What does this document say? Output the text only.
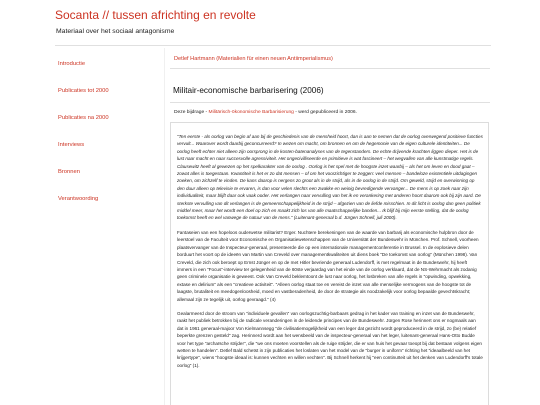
Socanta // tussen africhting en revolte
Materiaal over het sociaal antagonisme
Introductie
Publicaties tot 2000
Publicaties na 2000
Interviews
Bronnen
Verantwoording
Detlef Hartmann (Materialien für einen neuen Antiimperialismus)
Militair-economische barbarisering (2006)
Deze bijdrage - Militärisch-ökonomische Barbarisierung - werd gepubliceerd in 2006.

"Ten eerste - als oorlog van begin af aan bij de geschiedenis van de mensheid hoort, dan is aan te nemen dat de oorlog overwegend positieve functies vervult... Waarover wordt daarbij geconcurreerd? In wezen om macht, om bronnen en om de hegemonie van de eigen culturele identiteiten... De oorlog heeft echter niet alleen zijn oorsprong in de kosten-batenanalyses van de tegenstanders. De echte drijvende krachten liggen dieper. Het is de lust naar macht en naar succesvolle agressiviteit. Het ongecivilliseerde en primitieve is wat fascineert – het wegvallen van alle kunstmatige regels. Clausewitz heeft al gewezen op het spelkarakter van de oorlog . Oorlog is het spel met de hoogste inzet waarbij – als het om leven en dood gaat – zowat alles is toegestaan. Kwantiteit is het er zo dat mensen – of om het voorzichtiger te zeggen: veel mensen – bandeloze existentiële uitdagingen zoeken, om zichzelf te vinden. De kans daarop is nergens zo groot als in de strijd, als in de oorlog in de strijd. Om geweld, strijd en overwinning op den duur alleen op televisie te ervaren, is dan voor velen slechts een zwakke en weinig bevredigende vervanger... De mens is op zoek naar zijn individualiteit, maar blijft daar ook vaak ooder. Het verlangen naar vervulling van het ik en verankering met anderen hoort daarom ook bij zijn aard. De sterkste vervulling van dit verlangen is de gemeenschappelijkheid in de strijd – afgezien van de liefde misschien. In dit licht is oorlog dan geen politiek middel meer, maar het wordt een doel op zich en maakt zich los van alle maatschappelijke banden... Ik blijf bij mijn eerste stelling, dat de oorlog toekomst heeft en wel vanwege de natuur van de mens." (Luitenant-generaal b.d. Jürgen Schnell, juli 2000).

Fantaseien van een hopeloos ouderwetse militarist? Erger. Nuchtere berekeningen van de waarde van barbarij als economische hulpbron door de leerstoel van de Faculteit voor Economische en Organisatiewetenschappen van de Universität der Bundeswehr in München. Prof. Schnell, voorheen plaatsvervanger van de Inspecteur-generaal, presenteerde die op een internationale managementconferentie in Brussel. In de explosieve delen borduurt het voort op de ideeën van Martin van Creveld over managementkwaliteiten uit diens boek "De toekomst van oorlog" (München 1998). Van Creveld, die zich ook beroept op Ernst Jünger en op de met Hitler bevriende generaal Ludendorff, is met regelmaat in de Bundeswehr, hij heeft immers in een "Focus"-interview ter gelegenheid van de 60ste verjaardag van het einde van de oorlog verklaard, dat de NS-Wehrmacht als zodanig geen criminele organisatie is geweest. Ook Van Creveld beklemtoont de lust naar oorlog, het losbreken van alle regels in "opwinding, opwekking, extase en delirium" als een "creatieve activiteit". "Alleen oorlog staat toe en vereist de inzet van alle menselijke vermogens van de hoogste tot de laagste, brutaliteit en meedogenloosheid, moed en vastberadenheid, de door de strategie als noodzakelijk voor oorlog bepaalde gevechtskracht; allemaal zijn ze tegelijk uit, oorlog gevraagd." (4)

Gealarmeerd door de stroom van "individuele gevallen" van oorlogszuchtig-barbaars gedrag in het kader van training en inzet van de Bundeswehr, raakt het publiek betrokken bij de radicale veranderingen in de leidende principes van de Bundeswehr. Jürgen Rose herinnert ons er nogmaals aan dat in 1961 generaal-majoor Von Kielmannsegg "de civilisatiemogelijkheid van een leger dat gezicht wordt geproduceerd in de strijd, zo (be) relatief beperkte grenzen gesteld" zag. Herinnerd wordt aan het wensbeeld van de inspecteur-generaal van het leger, luitenant-generaal Hans-Otto Budde voor het type "archaïsche strijder", die "we ons moeten voorstellen als de ruige strijder, die er van huis het gevaar toeopt bij dat bestaan volgens eigen wetten te handelen". Detlef Bald schetst in zijn publicaties het loslaten van het model van de "burger in uniform" richting het "ideaalbeeld van het krijgertype", wiens "hoogste ideaal is: kunnen vechten en willen vechten". Bij Schnell herkent hij "een continuïteit uit het denken van Ludendorff's totale oorlog" (1).
